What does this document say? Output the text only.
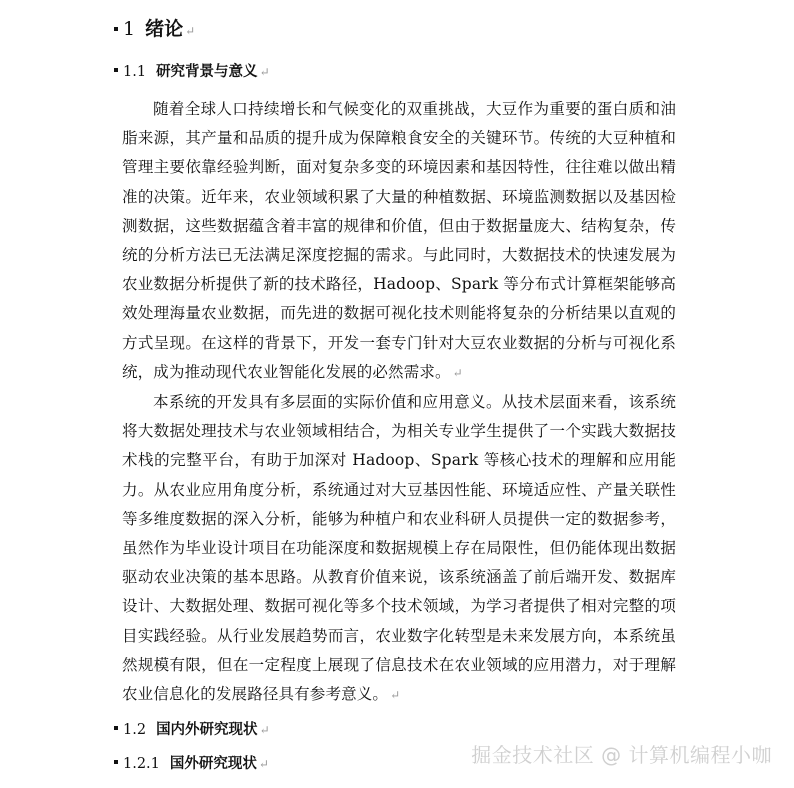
1 绪论 ↵
1.1 研究背景与意义 ↵
随着全球人口持续增长和气候变化的双重挑战，大豆作为重要的蛋白质和油脂来源，其产量和品质的提升成为保障粮食安全的关键环节。传统的大豆种植和管理主要依靠经验判断，面对复杂多变的环境因素和基因特性，往往难以做出精准的决策。近年来，农业领域积累了大量的种植数据、环境监测数据以及基因检测数据，这些数据蕴含着丰富的规律和价值，但由于数据量庞大、结构复杂，传统的分析方法已无法满足深度挖掘的需求。与此同时，大数据技术的快速发展为农业数据分析提供了新的技术路径，Hadoop、Spark 等分布式计算框架能够高效处理海量农业数据，而先进的数据可视化技术则能将复杂的分析结果以直观的方式呈现。在这样的背景下，开发一套专门针对大豆农业数据的分析与可视化系统，成为推动现代农业智能化发展的必然需求。 ↵
本系统的开发具有多层面的实际价值和应用意义。从技术层面来看，该系统将大数据处理技术与农业领域相结合，为相关专业学生提供了一个实践大数据技术栈的完整平台，有助于加深对 Hadoop、Spark 等核心技术的理解和应用能力。从农业应用角度分析，系统通过对大豆基因性能、环境适应性、产量关联性等多维度数据的深入分析，能够为种植户和农业科研人员提供一定的数据参考，虽然作为毕业设计项目在功能深度和数据规模上存在局限性，但仍能体现出数据驱动农业决策的基本思路。从教育价值来说，该系统涵盖了前后端开发、数据库设计、大数据处理、数据可视化等多个技术领域，为学习者提供了相对完整的项目实践经验。从行业发展趋势而言，农业数字化转型是未来发展方向，本系统虽然规模有限，但在一定程度上展现了信息技术在农业领域的应用潜力，对于理解农业信息化的发展路径具有参考意义。 ↵
1.2 国内外研究现状 ↵
1.2.1 国外研究现状 ↵	掘金技术社区 @ 计算机编程小咖
